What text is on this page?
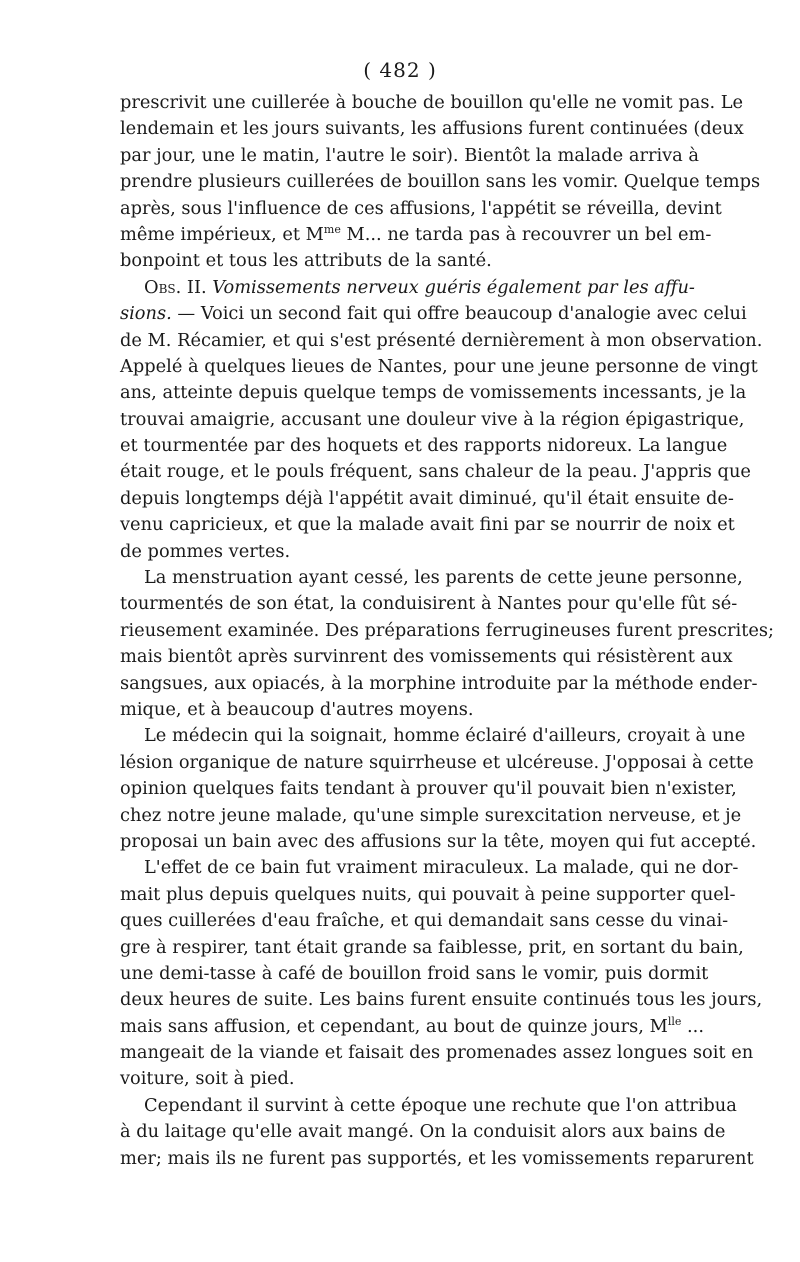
( 482 )
prescrivit une cuillerée à bouche de bouillon qu'elle ne vomit pas. Le
lendemain et les jours suivants, les affusions furent continuées (deux
par jour, une le matin, l'autre le soir). Bientôt la malade arriva à
prendre plusieurs cuillerées de bouillon sans les vomir. Quelque temps
après, sous l'influence de ces affusions, l'appétit se réveilla, devint
même impérieux, et $M^{me}$ M... ne tarda pas à recouvrer un bel em-
bonpoint et tous les attributs de la santé.
Obs. II. Vomissements nerveux guéris également par les affu-
sions. — Voici un second fait qui offre beaucoup d'analogie avec celui
de M. Récamier, et qui s'est présenté dernièrement à mon observation.
Appelé à quelques lieues de Nantes, pour une jeune personne de vingt
ans, atteinte depuis quelque temps de vomissements incessants, je la
trouvai amaigrie, accusant une douleur vive à la région épigastrique,
et tourmentée par des hoquets et des rapports nidoreux. La langue
était rouge, et le pouls fréquent, sans chaleur de la peau. J'appris que
depuis longtemps déjà l'appétit avait diminué, qu'il était ensuite de-
venu capricieux, et que la malade avait fini par se nourrir de noix et
de pommes vertes.
La menstruation ayant cessé, les parents de cette jeune personne,
tourmentés de son état, la conduisirent à Nantes pour qu'elle fût sé-
rieusement examinée. Des préparations ferrugineuses furent prescrites;
mais bientôt après survinrent des vomissements qui résistèrent aux
sangsues, aux opiacés, à la morphine introduite par la méthode ender-
mique, et à beaucoup d'autres moyens.
Le médecin qui la soignait, homme éclairé d'ailleurs, croyait à une
lésion organique de nature squirrheuse et ulcéreuse. J'opposai à cette
opinion quelques faits tendant à prouver qu'il pouvait bien n'exister,
chez notre jeune malade, qu'une simple surexcitation nerveuse, et je
proposai un bain avec des affusions sur la tête, moyen qui fut accepté.
L'effet de ce bain fut vraiment miraculeux. La malade, qui ne dor-
mait plus depuis quelques nuits, qui pouvait à peine supporter quel-
ques cuillerées d'eau fraîche, et qui demandait sans cesse du vinai-
gre à respirer, tant était grande sa faiblesse, prit, en sortant du bain,
une demi-tasse à café de bouillon froid sans le vomir, puis dormit
deux heures de suite. Les bains furent ensuite continués tous les jours,
mais sans affusion, et cependant, au bout de quinze jours, $M^{lle}$ ...
mangeait de la viande et faisait des promenades assez longues soit en
voiture, soit à pied.
Cependant il survint à cette époque une rechute que l'on attribua
à du laitage qu'elle avait mangé. On la conduisit alors aux bains de
mer; mais ils ne furent pas supportés, et les vomissements reparurent
